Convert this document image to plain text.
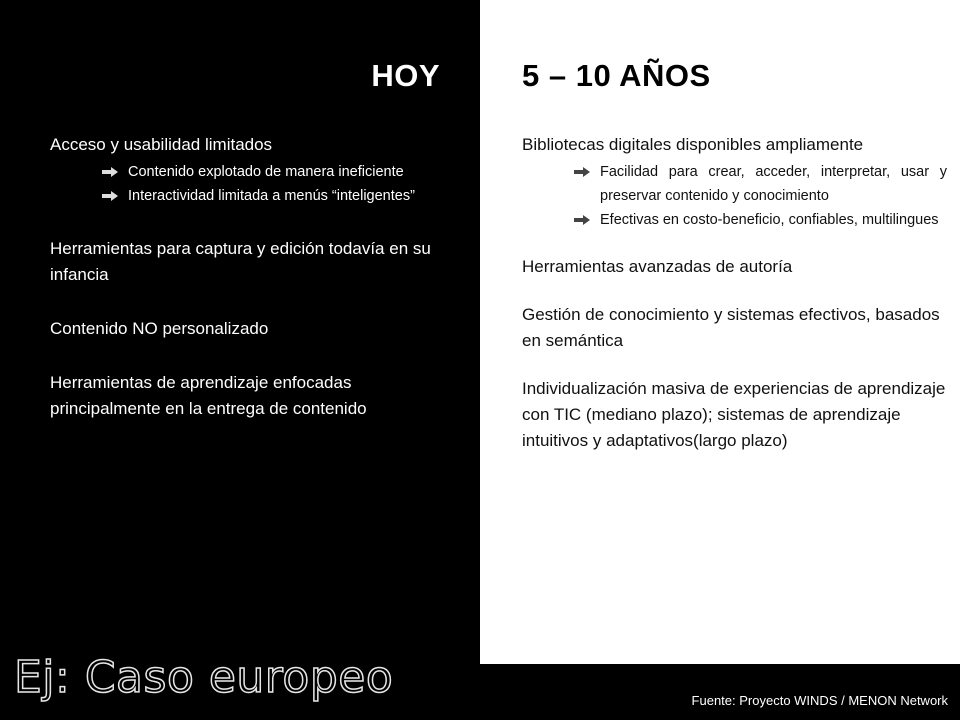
HOY	5 – 10 AÑOS

Acceso y usabilidad limitados

Contenido explotado de manera ineficiente
Interactividad limitada a menús “inteligentes”

Herramientas para captura y edición todavía en su infancia

Contenido NO personalizado

Herramientas de aprendizaje enfocadas principalmente en la entrega de contenido

Bibliotecas digitales disponibles ampliamente

Facilidad para crear, acceder, interpretar, usar y preservar contenido y conocimiento
Efectivas en costo-beneficio, confiables, multilingues

Herramientas avanzadas de autoría

Gestión de conocimiento y sistemas efectivos, basados en semántica

Individualización masiva de experiencias de aprendizaje con TIC (mediano plazo); sistemas de aprendizaje intuitivos y adaptativos(largo plazo)

Ej: Caso europeo	Fuente: Proyecto WINDS / MENON Network
